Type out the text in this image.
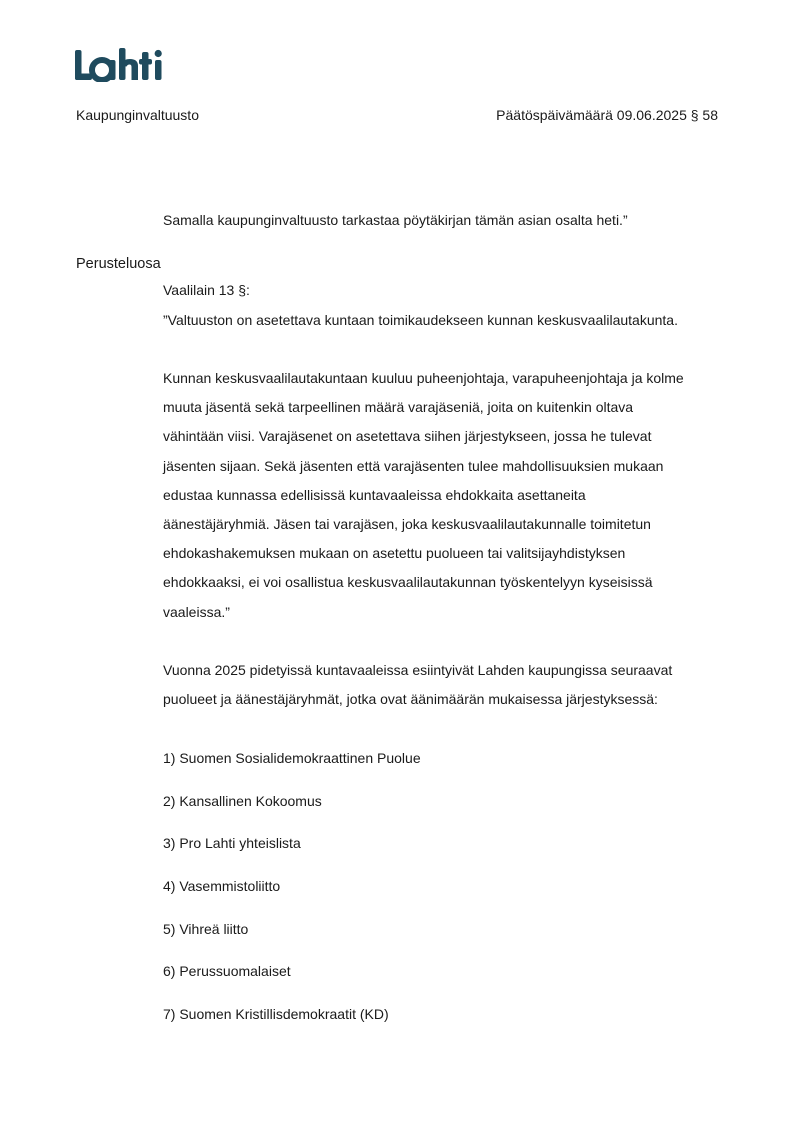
Kaupunginvaltuusto	Päätöspäivämäärä 09.06.2025 § 58
Samalla kaupunginvaltuusto tarkastaa pöytäkirjan tämän asian osalta heti.”
Perusteluosa
Vaalilain 13 §:
”Valtuuston on asetettava kuntaan toimikaudekseen kunnan keskusvaalilautakunta.

Kunnan keskusvaalilautakuntaan kuuluu puheenjohtaja, varapuheenjohtaja ja kolme

muuta jäsentä sekä tarpeellinen määrä varajäseniä, joita on kuitenkin oltava

vähintään viisi. Varajäsenet on asetettava siihen järjestykseen, jossa he tulevat

jäsenten sijaan. Sekä jäsenten että varajäsenten tulee mahdollisuuksien mukaan

edustaa kunnassa edellisissä kuntavaaleissa ehdokkaita asettaneita

äänestäjäryhmiä. Jäsen tai varajäsen, joka keskusvaalilautakunnalle toimitetun

ehdokashakemuksen mukaan on asetettu puolueen tai valitsijayhdistyksen

ehdokkaaksi, ei voi osallistua keskusvaalilautakunnan työskentelyyn kyseisissä

vaaleissa.”

Vuonna 2025 pidetyissä kuntavaaleissa esiintyivät Lahden kaupungissa seuraavat

puolueet ja äänestäjäryhmät, jotka ovat äänimäärän mukaisessa järjestyksessä:

1) Suomen Sosialidemokraattinen Puolue
2) Kansallinen Kokoomus
3) Pro Lahti yhteislista
4) Vasemmistoliitto
5) Vihreä liitto
6) Perussuomalaiset
7) Suomen Kristillisdemokraatit (KD)
